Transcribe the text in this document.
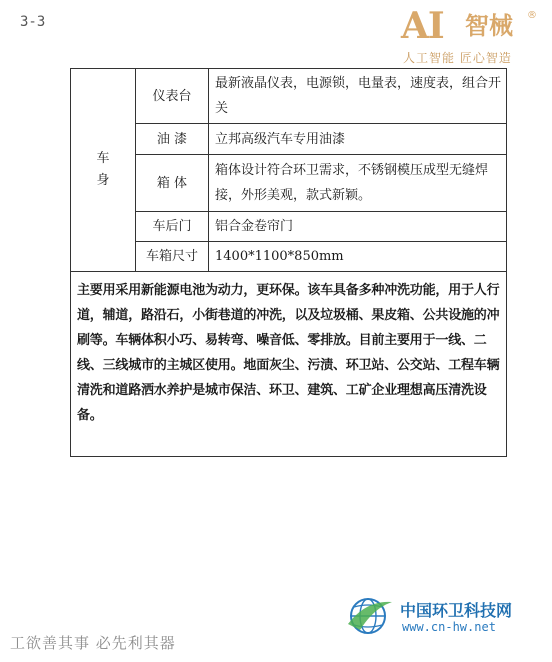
3-3	AI 智械 ®
人工智能 匠心智造
车身	仪表台	最新液晶仪表，电源锁，电量表，速度表，组合开关
	油 漆	立邦高级汽车专用油漆
	箱 体	箱体设计符合环卫需求，不锈钢模压成型无缝焊接，外形美观，款式新颖。
	车后门	铝合金卷帘门
	车箱尺寸	1400*1100*850mm
主要用采用新能源电池为动力，更环保。该车具备多种冲洗功能，用于人行道，辅道，路沿石，小街巷道的冲洗，以及垃圾桶、果皮箱、公共设施的冲刷等。车辆体积小巧、易转弯、噪音低、零排放。目前主要用于一线、二线、三线城市的主城区使用。地面灰尘、污渍、环卫站、公交站、工程车辆清洗和道路洒水养护是城市保洁、环卫、建筑、工矿企业理想高压清洗设备。		
工欲善其事 必先利其器
中国环卫科技网
www.cn-hw.net
